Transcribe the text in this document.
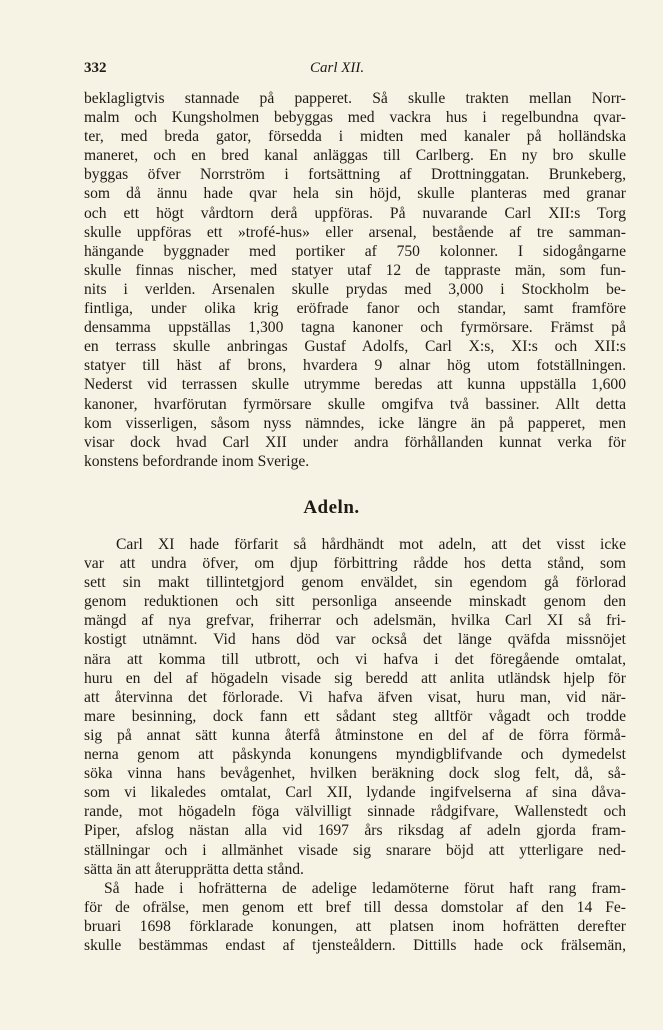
332	Carl XII.
beklagligtvis stannade på papperet. Så skulle trakten mellan Norr-
malm och Kungsholmen bebyggas med vackra hus i regelbundna qvar-
ter, med breda gator, försedda i midten med kanaler på holländska
maneret, och en bred kanal anläggas till Carlberg. En ny bro skulle
byggas öfver Norrström i fortsättning af Drottninggatan. Brunkeberg,
som då ännu hade qvar hela sin höjd, skulle planteras med granar
och ett högt vårdtorn derå uppföras. På nuvarande Carl XII:s Torg
skulle uppföras ett »trofé-hus» eller arsenal, bestående af tre samman-
hängande byggnader med portiker af 750 kolonner. I sidogångarne
skulle finnas nischer, med statyer utaf 12 de tappraste män, som fun-
nits i verlden. Arsenalen skulle prydas med 3,000 i Stockholm be-
fintliga, under olika krig eröfrade fanor och standar, samt framföre
densamma uppställas 1,300 tagna kanoner och fyrmörsare. Främst på
en terrass skulle anbringas Gustaf Adolfs, Carl X:s, XI:s och XII:s
statyer till häst af brons, hvardera 9 alnar hög utom fotställningen.
Nederst vid terrassen skulle utrymme beredas att kunna uppställa 1,600
kanoner, hvarförutan fyrmörsare skulle omgifva två bassiner. Allt detta
kom visserligen, såsom nyss nämndes, icke längre än på papperet, men
visar dock hvad Carl XII under andra förhållanden kunnat verka för
konstens befordrande inom Sverige.
Adeln.
Carl XI hade förfarit så hårdhändt mot adeln, att det visst icke
var att undra öfver, om djup förbittring rådde hos detta stånd, som
sett sin makt tillintetgjord genom enväldet, sin egendom gå förlorad
genom reduktionen och sitt personliga anseende minskadt genom den
mängd af nya grefvar, friherrar och adelsmän, hvilka Carl XI så fri-
kostigt utnämnt. Vid hans död var också det länge qväfda missnöjet
nära att komma till utbrott, och vi hafva i det föregående omtalat,
huru en del af högadeln visade sig beredd att anlita utländsk hjelp för
att återvinna det förlorade. Vi hafva äfven visat, huru man, vid när-
mare besinning, dock fann ett sådant steg alltför vågadt och trodde
sig på annat sätt kunna återfå åtminstone en del af de förra förmå-
nerna genom att påskynda konungens myndigblifvande och dymedelst
söka vinna hans bevågenhet, hvilken beräkning dock slog felt, då, så-
som vi likaledes omtalat, Carl XII, lydande ingifvelserna af sina dåva-
rande, mot högadeln föga välvilligt sinnade rådgifvare, Wallenstedt och
Piper, afslog nästan alla vid 1697 års riksdag af adeln gjorda fram-
ställningar och i allmänhet visade sig snarare böjd att ytterligare ned-
sätta än att återupprätta detta stånd.
Så hade i hofrätterna de adelige ledamöterne förut haft rang fram-
för de ofrälse, men genom ett bref till dessa domstolar af den 14 Fe-
bruari 1698 förklarade konungen, att platsen inom hofrätten derefter
skulle bestämmas endast af tjensteåldern. Dittills hade ock frälsemän,
